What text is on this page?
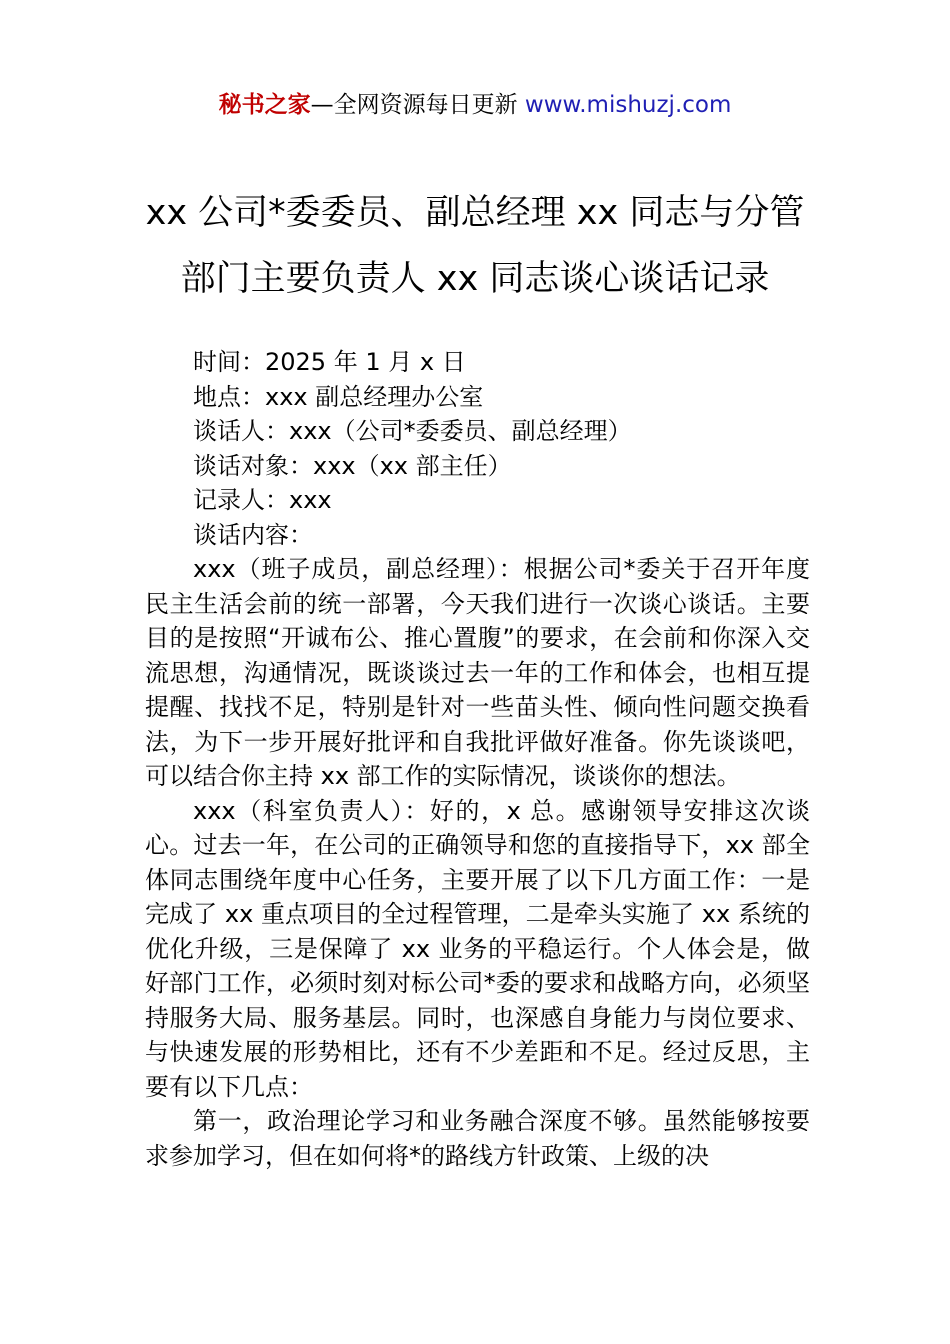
秘书之家—全网资源每日更新 www.mishuzj.com
xx 公司*委委员、副总经理 xx 同志与分管
部门主要负责人 xx 同志谈心谈话记录
时间：2025 年 1 月 x 日
地点：xxx 副总经理办公室
谈话人：xxx（公司*委委员、副总经理）
谈话对象：xxx（xx 部主任）
记录人：xxx
谈话内容：

xxx（班子成员，副总经理）：根据公司*委关于召开年度民主生活会前的统一部署，今天我们进行一次谈心谈话。主要目的是按照“开诚布公、推心置腹”的要求，在会前和你深入交流思想，沟通情况，既谈谈过去一年的工作和体会，也相互提提醒、找找不足，特别是针对一些苗头性、倾向性问题交换看法，为下一步开展好批评和自我批评做好准备。你先谈谈吧，可以结合你主持 xx 部工作的实际情况，谈谈你的想法。

xxx（科室负责人）：好的，x 总。感谢领导安排这次谈心。过去一年，在公司的正确领导和您的直接指导下，xx 部全体同志围绕年度中心任务，主要开展了以下几方面工作：一是完成了 xx 重点项目的全过程管理，二是牵头实施了 xx 系统的优化升级，三是保障了 xx 业务的平稳运行。个人体会是，做好部门工作，必须时刻对标公司*委的要求和战略方向，必须坚持服务大局、服务基层。同时，也深感自身能力与岗位要求、与快速发展的形势相比，还有不少差距和不足。经过反思，主要有以下几点：

第一，政治理论学习和业务融合深度不够。虽然能够按要求参加学习，但在如何将*的路线方针政策、上级的决
